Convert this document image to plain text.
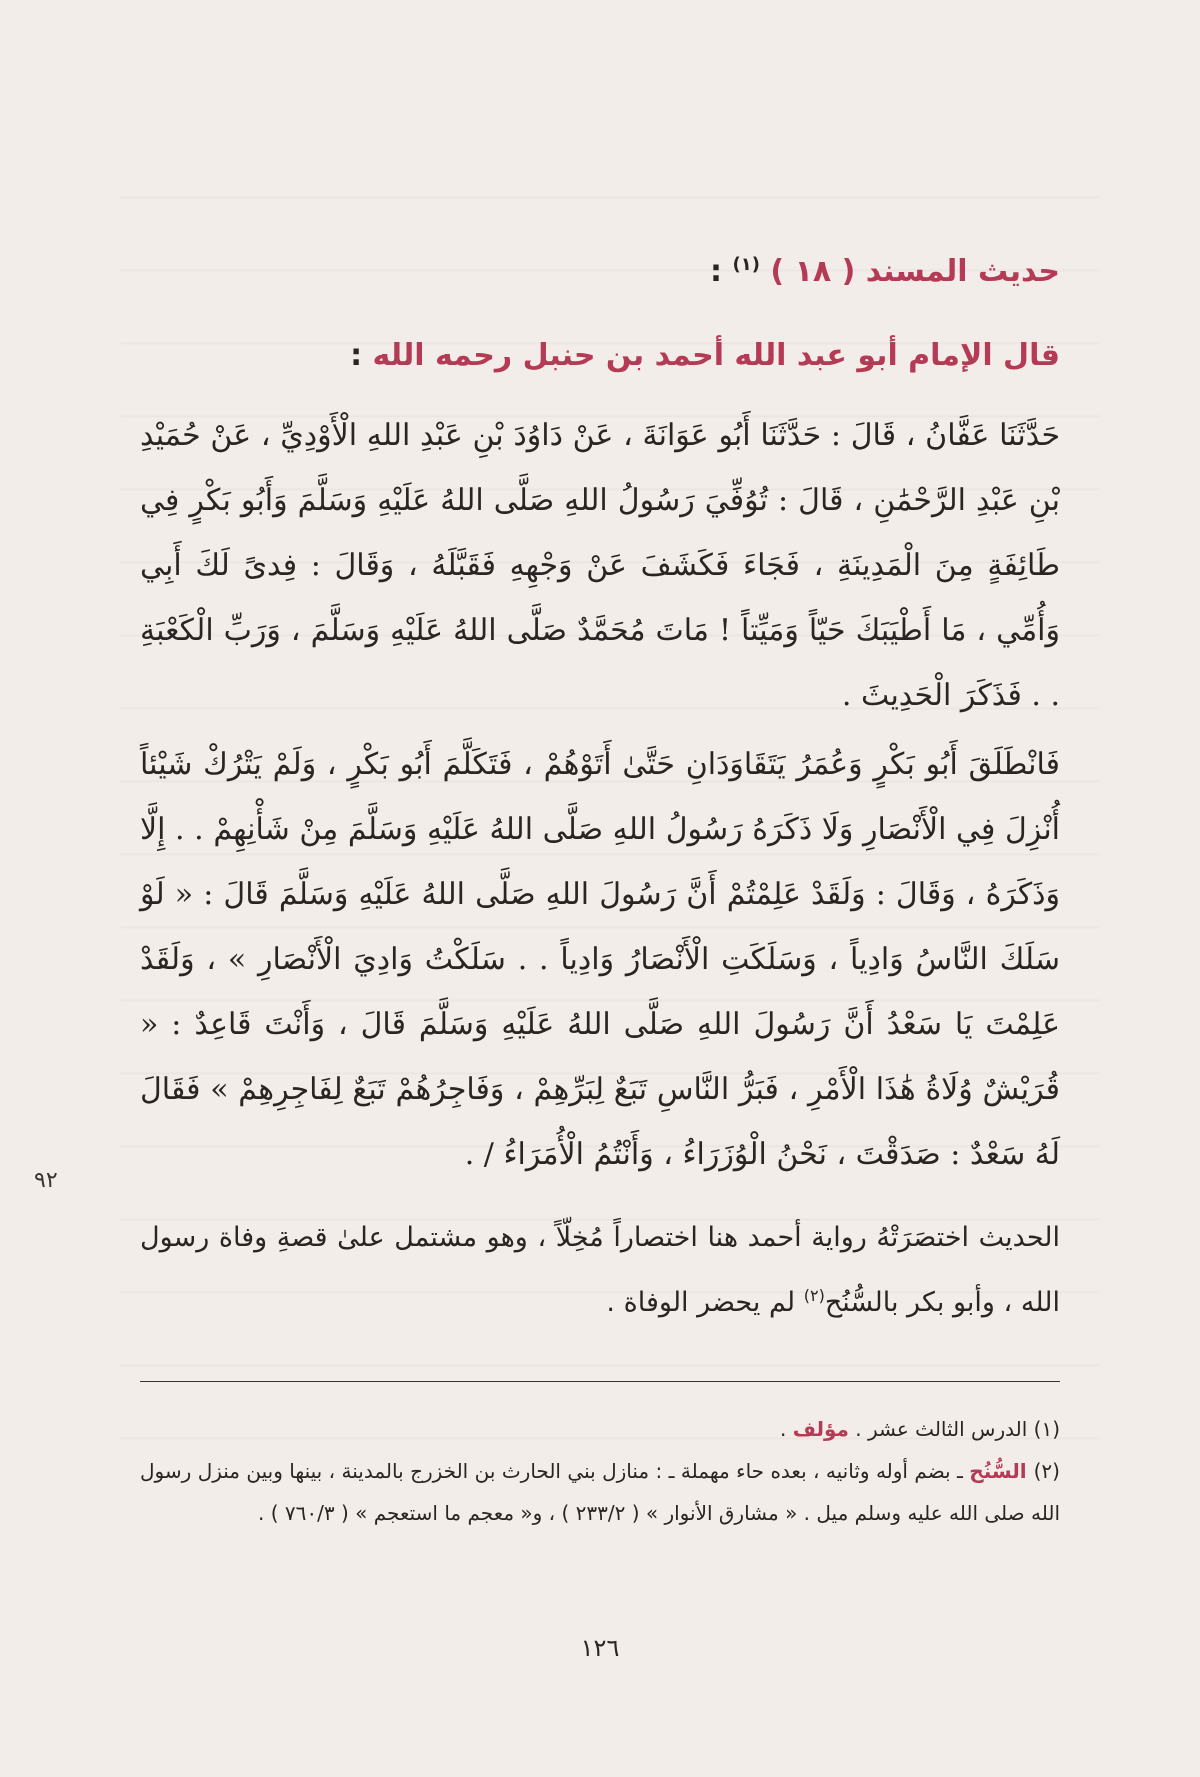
حديث المسند ( ١٨ ) $^{(١)}$ :
قال الإمام أبو عبد الله أحمد بن حنبل رحمه الله :

حَدَّثَنَا عَفَّانُ ، قَالَ : حَدَّثَنَا أَبُو عَوَانَةَ ، عَنْ دَاوُدَ بْنِ عَبْدِ اللهِ الْأَوْدِيِّ ، عَنْ حُمَيْدِ بْنِ عَبْدِ الرَّحْمَٰنِ ، قَالَ : تُوُفِّيَ رَسُولُ اللهِ صَلَّى اللهُ عَلَيْهِ وَسَلَّمَ وَأَبُو بَكْرٍ فِي طَائِفَةٍ مِنَ الْمَدِينَةِ ، فَجَاءَ فَكَشَفَ عَنْ وَجْهِهِ فَقَبَّلَهُ ، وَقَالَ : فِدىً لَكَ أَبِي وَأُمِّي ، مَا أَطْيَبَكَ حَيّاً وَمَيِّتاً ! مَاتَ مُحَمَّدٌ صَلَّى اللهُ عَلَيْهِ وَسَلَّمَ ، وَرَبِّ الْكَعْبَةِ . . فَذَكَرَ الْحَدِيثَ .

فَانْطَلَقَ أَبُو بَكْرٍ وَعُمَرُ يَتَقَاوَدَانِ حَتَّىٰ أَتَوْهُمْ ، فَتَكَلَّمَ أَبُو بَكْرٍ ، وَلَمْ يَتْرُكْ شَيْئاً أُنْزِلَ فِي الْأَنْصَارِ وَلَا ذَكَرَهُ رَسُولُ اللهِ صَلَّى اللهُ عَلَيْهِ وَسَلَّمَ مِنْ شَأْنِهِمْ . . إِلَّا وَذَكَرَهُ ، وَقَالَ : وَلَقَدْ عَلِمْتُمْ أَنَّ رَسُولَ اللهِ صَلَّى اللهُ عَلَيْهِ وَسَلَّمَ قَالَ : « لَوْ سَلَكَ النَّاسُ وَادِياً ، وَسَلَكَتِ الْأَنْصَارُ وَادِياً . . سَلَكْتُ وَادِيَ الْأَنْصَارِ » ، وَلَقَدْ عَلِمْتَ يَا سَعْدُ أَنَّ رَسُولَ اللهِ صَلَّى اللهُ عَلَيْهِ وَسَلَّمَ قَالَ ، وَأَنْتَ قَاعِدٌ : « قُرَيْشٌ وُلَاةُ هَٰذَا الْأَمْرِ ، فَبَرُّ النَّاسِ تَبَعٌ لِبَرِّهِمْ ، وَفَاجِرُهُمْ تَبَعٌ لِفَاجِرِهِمْ » فَقَالَ لَهُ سَعْدٌ : صَدَقْتَ ، نَحْنُ الْوُزَرَاءُ ، وَأَنْتُمُ الْأُمَرَاءُ / .

الحديث اختصَرَتْهُ رواية أحمد هنا اختصاراً مُخِلّاً ، وهو مشتمل علىٰ قصةِ وفاة رسول الله ، وأبو بكر بالسُّنُح$^{(٢)}$ لم يحضر الوفاة .

٩٢

(١) الدرس الثالث عشر . مؤلف .

(٢) السُّنُح ـ بضم أوله وثانيه ، بعده حاء مهملة ـ : منازل بني الحارث بن الخزرج بالمدينة ، بينها وبين منزل رسول الله صلى الله عليه وسلم ميل . « مشارق الأنوار » ( ٢٣٣/٢ ) ، و« معجم ما استعجم » ( ٧٦٠/٣ ) .

١٢٦
